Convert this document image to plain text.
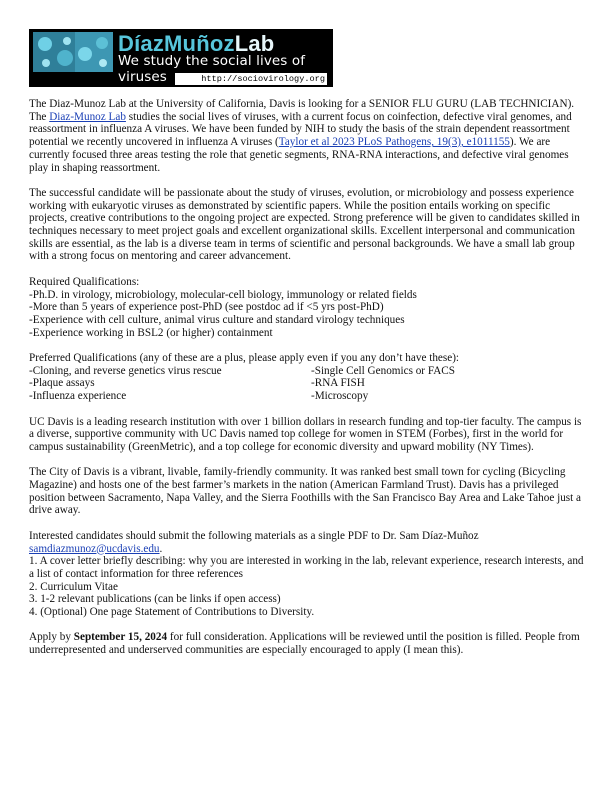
DíazMuñozLab
We study the social lives of viruses	http://sociovirology.org

The Diaz-Munoz Lab at the University of California, Davis is looking for a SENIOR FLU GURU (LAB TECHNICIAN). The Diaz-Munoz Lab studies the social lives of viruses, with a current focus on coinfection, defective viral genomes, and reassortment in influenza A viruses. We have been funded by NIH to study the basis of the strain dependent reassortment potential we recently uncovered in influenza A viruses (Taylor et al 2023 PLoS Pathogens, 19(3), e1011155). We are currently focused three areas testing the role that genetic segments, RNA-RNA interactions, and defective viral genomes play in shaping reassortment.

The successful candidate will be passionate about the study of viruses, evolution, or microbiology and possess experience working with eukaryotic viruses as demonstrated by scientific papers. While the position entails working on specific projects, creative contributions to the ongoing project are expected. Strong preference will be given to candidates skilled in techniques necessary to meet project goals and excellent organizational skills. Excellent interpersonal and communication skills are essential, as the lab is a diverse team in terms of scientific and personal backgrounds. We have a small lab group with a strong focus on mentoring and career advancement.

Required Qualifications:
-Ph.D. in virology, microbiology, molecular-cell biology, immunology or related fields
-More than 5 years of experience post-PhD (see postdoc ad if <5 yrs post-PhD)
-Experience with cell culture, animal virus culture and standard virology techniques
-Experience working in BSL2 (or higher) containment
Preferred Qualifications (any of these are a plus, please apply even if you any don’t have these):
-Cloning, and reverse genetics virus rescue	-Single Cell Genomics or FACS
-Plaque assays	-RNA FISH
-Influenza experience	-Microscopy

UC Davis is a leading research institution with over 1 billion dollars in research funding and top-tier faculty. The campus is a diverse, supportive community with UC Davis named top college for women in STEM (Forbes), first in the world for campus sustainability (GreenMetric), and a top college for economic diversity and upward mobility (NY Times).

The City of Davis is a vibrant, livable, family-friendly community. It was ranked best small town for cycling (Bicycling Magazine) and hosts one of the best farmer’s markets in the nation (American Farmland Trust). Davis has a privileged position between Sacramento, Napa Valley, and the Sierra Foothills with the San Francisco Bay Area and Lake Tahoe just a drive away.

Interested candidates should submit the following materials as a single PDF to Dr. Sam Díaz-Muñoz
samdiazmunoz@ucdavis.edu.
1. A cover letter briefly describing: why you are interested in working in the lab, relevant experience, research interests, and a list of contact information for three references
2. Curriculum Vitae
3. 1-2 relevant publications (can be links if open access)
4. (Optional) One page Statement of Contributions to Diversity.

Apply by September 15, 2024 for full consideration. Applications will be reviewed until the position is filled. People from underrepresented and underserved communities are especially encouraged to apply (I mean this).
